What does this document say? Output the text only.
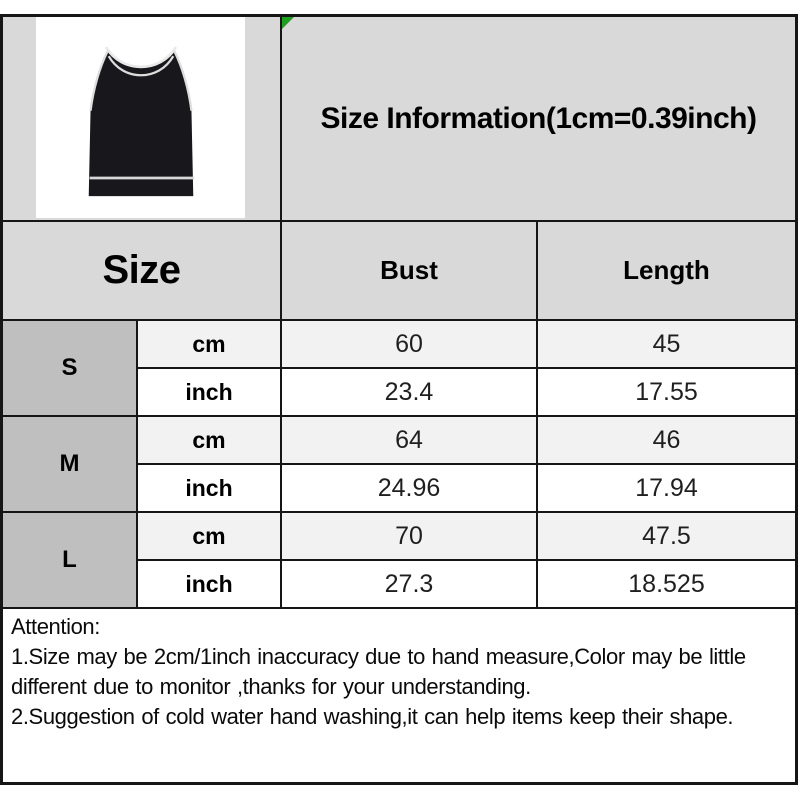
Size Information(1cm=0.39inch)
Size	Bust	Length
S
cm	60	45
inch	23.4	17.55
M
cm	64	46
inch	24.96	17.94
L
cm	70	47.5
inch	27.3	18.525
Attention:
1.Size may be 2cm/1inch inaccuracy due to hand measure,Color may be little different due to monitor ,thanks for your understanding.
2.Suggestion of cold water hand washing,it can help items keep their shape.
